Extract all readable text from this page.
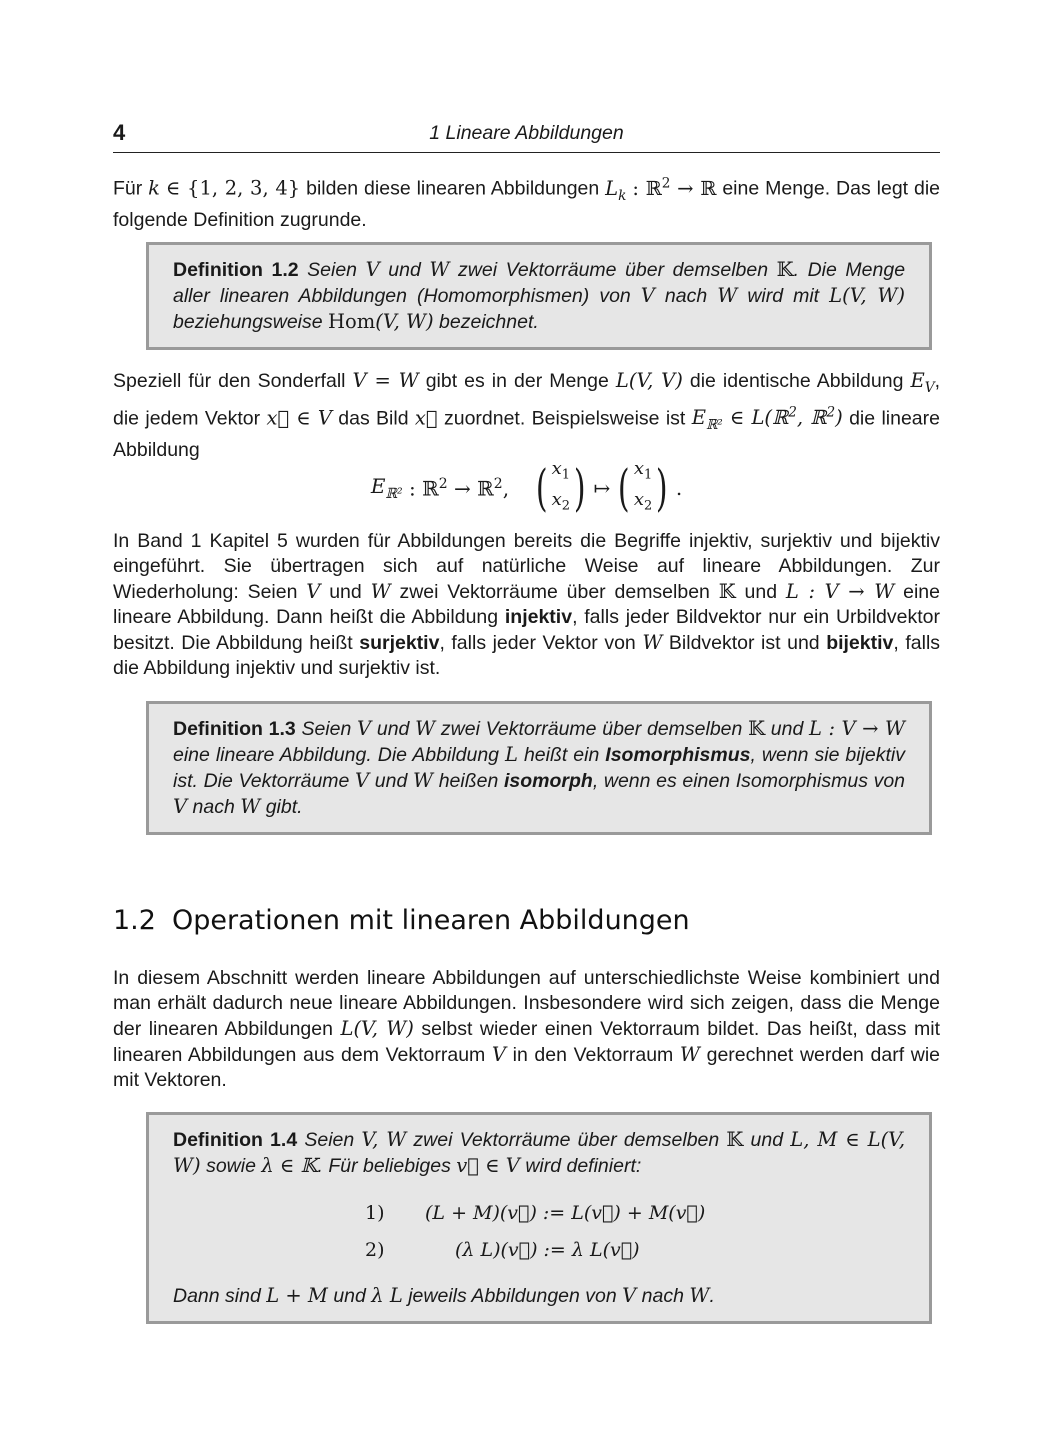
4	1 Lineare Abbildungen
Für k ∈ {1, 2, 3, 4} bilden diese linearen Abbildungen $L_k$ : ℝ$^2$ → ℝ eine Menge. Das legt die folgende Definition zugrunde.
Definition 1.2 Seien V und W zwei Vektorräume über demselben 𝕂. Die Menge aller linearen Abbildungen (Homomorphismen) von V nach W wird mit L(V, W) beziehungsweise Hom(V, W) bezeichnet.
Speziell für den Sonderfall V = W gibt es in der Menge L(V, V) die identische Abbildung $E_V$, die jedem Vektor x⃗ ∈ V das Bild x⃗ zuordnet. Beispielsweise ist $E_{ℝ^2}$ ∈ L(ℝ$^2$, ℝ$^2$) die lineare Abbildung
$E_{ℝ^2}$ : ℝ$^2$ → ℝ$^2$, ( $x_1$
$x_2$ ) ↦ ( $x_1$
$x_2$ ) .
In Band 1 Kapitel 5 wurden für Abbildungen bereits die Begriffe injektiv, surjektiv und bijektiv eingeführt. Sie übertragen sich auf natürliche Weise auf lineare Abbildungen. Zur Wiederholung: Seien V und W zwei Vektorräume über demselben 𝕂 und L : V → W eine lineare Abbildung. Dann heißt die Abbildung injektiv, falls jeder Bildvektor nur ein Urbildvektor besitzt. Die Abbildung heißt surjektiv, falls jeder Vektor von W Bildvektor ist und bijektiv, falls die Abbildung injektiv und surjektiv ist.
Definition 1.3 Seien V und W zwei Vektorräume über demselben 𝕂 und L : V → W eine lineare Abbildung. Die Abbildung L heißt ein Isomorphismus, wenn sie bijektiv ist. Die Vektorräume V und W heißen isomorph, wenn es einen Isomorphismus von V nach W gibt.
1.2 Operationen mit linearen Abbildungen
In diesem Abschnitt werden lineare Abbildungen auf unterschiedlichste Weise kombiniert und man erhält dadurch neue lineare Abbildungen. Insbesondere wird sich zeigen, dass die Menge der linearen Abbildungen L(V, W) selbst wieder einen Vektorraum bildet. Das heißt, dass mit linearen Abbildungen aus dem Vektorraum V in den Vektorraum W gerechnet werden darf wie mit Vektoren.
Definition 1.4 Seien V, W zwei Vektorräume über demselben 𝕂 und L, M ∈ L(V, W) sowie λ ∈ 𝕂. Für beliebiges v⃗ ∈ V wird definiert:
1)	(L + M)(v⃗) := L(v⃗) + M(v⃗)
2)	(λ L)(v⃗) := λ L(v⃗)
Dann sind L + M und λ L jeweils Abbildungen von V nach W.
